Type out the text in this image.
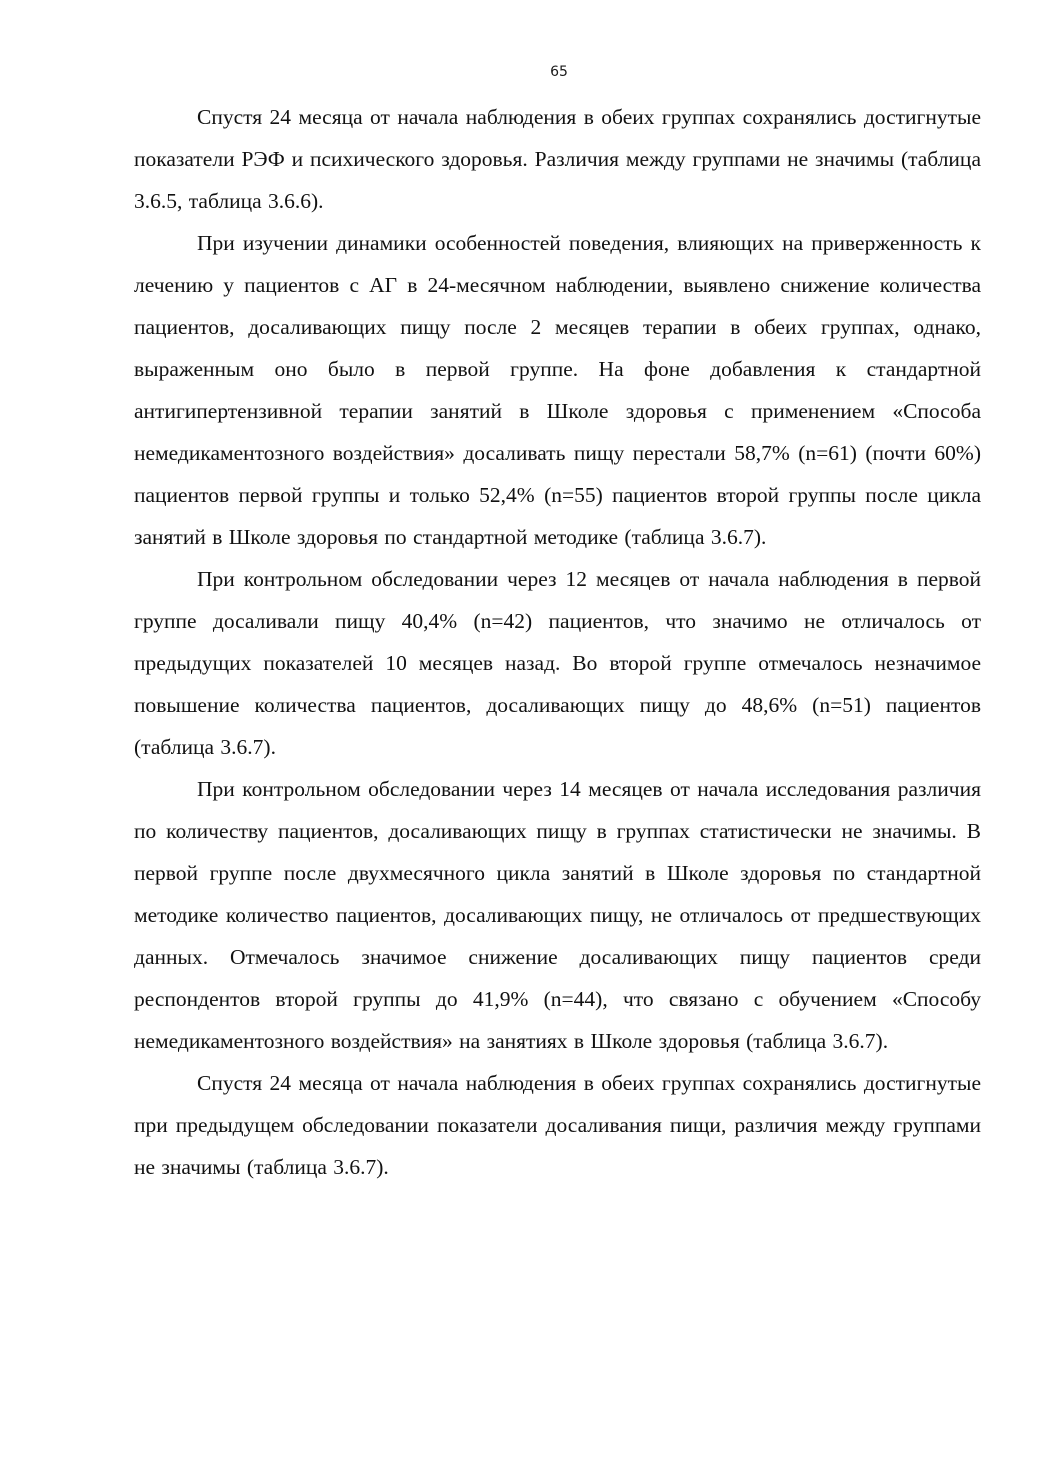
65

Спустя 24 месяца от начала наблюдения в обеих группах сохранялись достигнутые показатели РЭФ и психического здоровья. Различия между группами не значимы (таблица 3.6.5, таблица 3.6.6).

При изучении динамики особенностей поведения, влияющих на приверженность к лечению у пациентов с АГ в 24-месячном наблюдении, выявлено снижение количества пациентов, досаливающих пищу после 2 месяцев терапии в обеих группах, однако, выраженным оно было в первой группе. На фоне добавления к стандартной антигипертензивной терапии занятий в Школе здоровья с применением «Способа немедикаментозного воздействия» досаливать пищу перестали 58,7% (n=61) (почти 60%) пациентов первой группы и только 52,4% (n=55) пациентов второй группы после цикла занятий в Школе здоровья по стандартной методике (таблица 3.6.7).

При контрольном обследовании через 12 месяцев от начала наблюдения в первой группе досаливали пищу 40,4% (n=42) пациентов, что значимо не отличалось от предыдущих показателей 10 месяцев назад. Во второй группе отмечалось незначимое повышение количества пациентов, досаливающих пищу до 48,6% (n=51) пациентов (таблица 3.6.7).

При контрольном обследовании через 14 месяцев от начала исследования различия по количеству пациентов, досаливающих пищу в группах статистически не значимы. В первой группе после двухмесячного цикла занятий в Школе здоровья по стандартной методике количество пациентов, досаливающих пищу, не отличалось от предшествующих данных. Отмечалось значимое снижение досаливающих пищу пациентов среди респондентов второй группы до 41,9% (n=44), что связано с обучением «Способу немедикаментозного воздействия» на занятиях в Школе здоровья (таблица 3.6.7).

Спустя 24 месяца от начала наблюдения в обеих группах сохранялись достигнутые при предыдущем обследовании показатели досаливания пищи, различия между группами не значимы (таблица 3.6.7).
